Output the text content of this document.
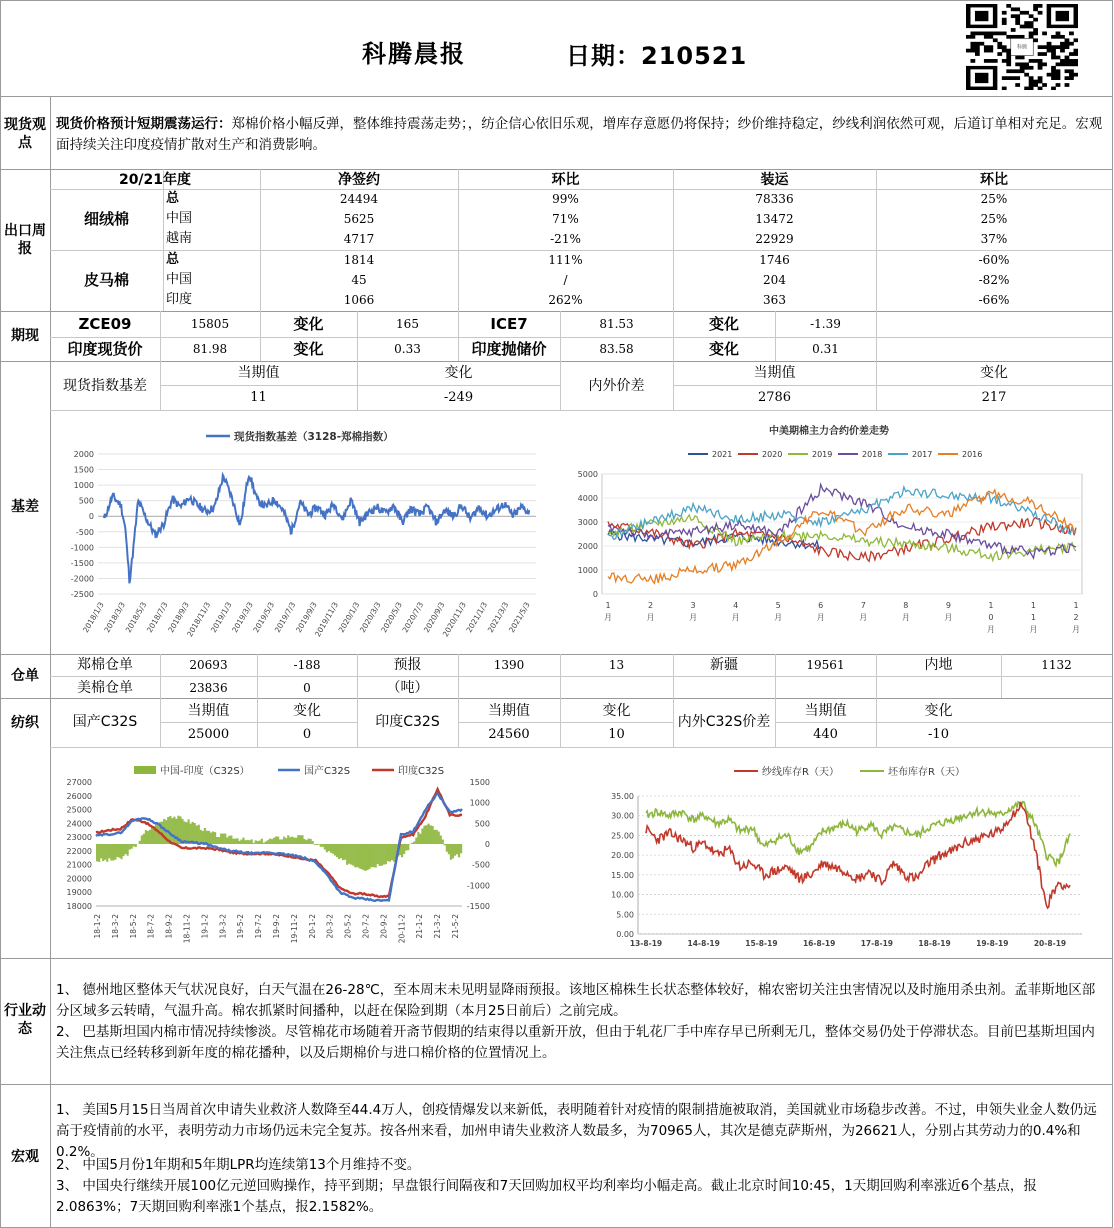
科腾晨报	日期：210521	科腾
现货观点
现货价格预计短期震荡运行：郑棉价格小幅反弹，整体维持震荡走势；，纺企信心依旧乐观，增库存意愿仍将保持；纱价维持稳定，纱线利润依然可观，后道订单相对充足。宏观面持续关注印度疫情扩散对生产和消费影响。
出口周报
20/21年度	净签约	环比	装运	环比
细绒棉
总	24494	99%	78336	25%
中国	5625	71%	13472	25%
越南	4717	-21%	22929	37%
皮马棉
总	1814	111%	1746	-60%
中国	45	/	204	-82%
印度	1066	262%	363	-66%
期现
ZCE09	15805	变化	165	ICE7	81.53	变化	-1.39
印度现货价	81.98	变化	0.33	印度抛储价	83.58	变化	0.31
基差
现货指数基差
当期值	变化
11	-249
内外价差
当期值	变化
2786	217
现货指数基差（3128-郑棉指数）
2000
1500
1000
500
0
-500
-1000
-1500
-2000
-2500
2018/1/3
2018/3/3
2018/5/3
2018/7/3
2018/9/3
2018/11/3
2019/1/3
2019/3/3
2019/5/3
2019/7/3
2019/9/3
2019/11/3
2020/1/3
2020/3/3
2020/5/3
2020/7/3
2020/9/3
2020/11/3
2021/1/3
2021/3/3
2021/5/3
中美期棉主力合约价差走势
2021	2020	2019	2018	2017	2016
5000
4000
3000
2000
1000
0
1
月
2
月
3
月
4
月
5
月
6
月
7
月
8
月
9
月
1
0
月
1
1
月
1
2
月
仓单
郑棉仓单	20693	-188	预报	1390	13	新疆	19561	内地	1132
美棉仓单	23836	0	（吨）
纺织	国产C32S
当期值	变化
25000	0
印度C32S
当期值	变化
24560	10
内外C32S价差
当期值	变化
440	-10
中国-印度（C32S）	国产C32S	印度C32S
27000
26000
25000
24000
23000
22000
21000
20000
19000
18000
1500
1000
500
0
-500
-1000
-1500
18-1-2 18-3-2 18-5-2 18-7-2 18-9-2 18-11-2 19-1-2 19-3-2 19-5-2 19-7-2 19-9-2 19-11-2 20-1-2 20-3-2 20-5-2 20-7-2 20-9-2 20-11-2 21-1-2 21-3-2 21-5-2
纱线库存R（天）	坯布库存R（天）
35.00
30.00
25.00
20.00
15.00
10.00
5.00
0.00
13-8-19	14-8-19	15-8-19	16-8-19	17-8-19	18-8-19	19-8-19	20-8-19
行业动态
1、 德州地区整体天气状况良好，白天气温在26-28℃，至本周末未见明显降雨预报。该地区棉株生长状态整体较好，棉农密切关注虫害情况以及时施用杀虫剂。孟菲斯地区部分区域多云转晴，气温升高。棉农抓紧时间播种，以赶在保险到期（本月25日前后）之前完成。
2、 巴基斯坦国内棉市情况持续惨淡。尽管棉花市场随着开斋节假期的结束得以重新开放，但由于轧花厂手中库存早已所剩无几，整体交易仍处于停滞状态。目前巴基斯坦国内关注焦点已经转移到新年度的棉花播种，以及后期棉价与进口棉价格的位置情况上。
宏观
1、 美国5月15日当周首次申请失业救济人数降至44.4万人，创疫情爆发以来新低，表明随着针对疫情的限制措施被取消，美国就业市场稳步改善。不过，申领失业金人数仍远高于疫情前的水平，表明劳动力市场仍远未完全复苏。按各州来看，加州申请失业救济人数最多，为70965人，其次是德克萨斯州，为26621人，分别占其劳动力的0.4%和0.2%。
2、 中国5月份1年期和5年期LPR均连续第13个月维持不变。
3、 中国央行继续开展100亿元逆回购操作，持平到期；早盘银行间隔夜和7天回购加权平均利率均小幅走高。截止北京时间10:45，1天期回购利率涨近6个基点，报2.0863%；7天期回购利率涨1个基点，报2.1582%。
